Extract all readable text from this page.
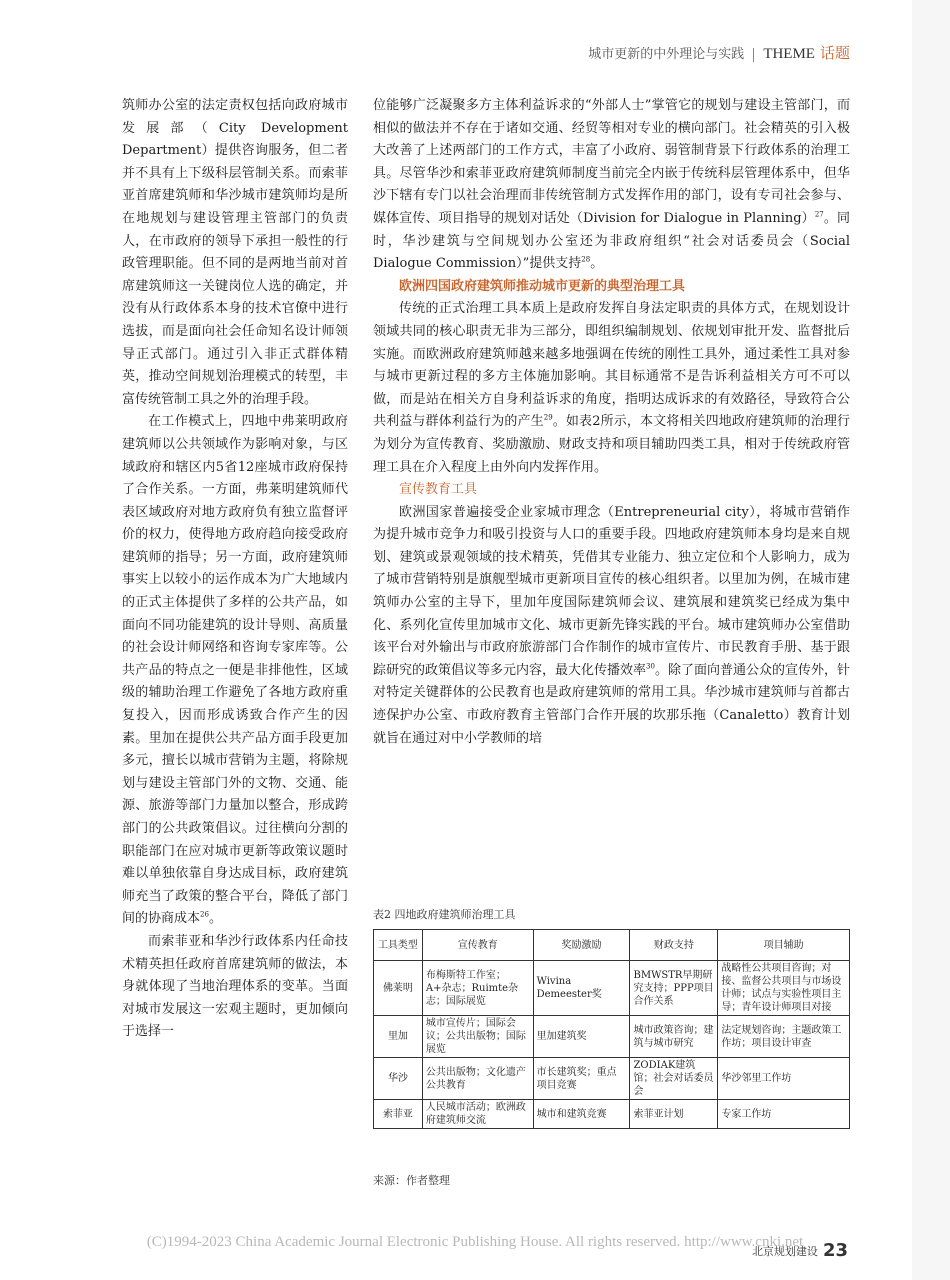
城市更新的中外理论与实践 THEME 话题

筑师办公室的法定责权包括向政府城市发展部（City Development Department）提供咨询服务，但二者并不具有上下级科层管制关系。而索菲亚首席建筑师和华沙城市建筑师均是所在地规划与建设管理主管部门的负责人，在市政府的领导下承担一般性的行政管理职能。但不同的是两地当前对首席建筑师这一关键岗位人选的确定，并没有从行政体系本身的技术官僚中进行选拔，而是面向社会任命知名设计师领导正式部门。通过引入非正式群体精英，推动空间规划治理模式的转型，丰富传统管制工具之外的治理手段。

在工作模式上，四地中弗莱明政府建筑师以公共领域作为影响对象，与区域政府和辖区内5省12座城市政府保持了合作关系。一方面，弗莱明建筑师代表区域政府对地方政府负有独立监督评价的权力，使得地方政府趋向接受政府建筑师的指导；另一方面，政府建筑师事实上以较小的运作成本为广大地域内的正式主体提供了多样的公共产品，如面向不同功能建筑的设计导则、高质量的社会设计师网络和咨询专家库等。公共产品的特点之一便是非排他性，区域级的辅助治理工作避免了各地方政府重复投入，因而形成诱致合作产生的因素。里加在提供公共产品方面手段更加多元，擅长以城市营销为主题，将除规划与建设主管部门外的文物、交通、能源、旅游等部门力量加以整合，形成跨部门的公共政策倡议。过往横向分割的职能部门在应对城市更新等政策议题时难以单独依靠自身达成目标，政府建筑师充当了政策的整合平台，降低了部门间的协商成本$^{26}$。

而索菲亚和华沙行政体系内任命技术精英担任政府首席建筑师的做法，本身就体现了当地治理体系的变革。当面对城市发展这一宏观主题时，更加倾向于选择一

位能够广泛凝聚多方主体利益诉求的“外部人士”掌管它的规划与建设主管部门，而相似的做法并不存在于诸如交通、经贸等相对专业的横向部门。社会精英的引入极大改善了上述两部门的工作方式，丰富了小政府、弱管制背景下行政体系的治理工具。尽管华沙和索菲亚政府建筑师制度当前完全内嵌于传统科层管理体系中，但华沙下辖有专门以社会治理而非传统管制方式发挥作用的部门，设有专司社会参与、媒体宣传、项目指导的规划对话处（Division for Dialogue in Planning）$^{27}$。同时，华沙建筑与空间规划办公室还为非政府组织“社会对话委员会（Social Dialogue Commission）”提供支持$^{28}$。

欧洲四国政府建筑师推动城市更新的典型治理工具

传统的正式治理工具本质上是政府发挥自身法定职责的具体方式，在规划设计领域共同的核心职责无非为三部分，即组织编制规划、依规划审批开发、监督批后实施。而欧洲政府建筑师越来越多地强调在传统的刚性工具外，通过柔性工具对参与城市更新过程的多方主体施加影响。其目标通常不是告诉利益相关方可不可以做，而是站在相关方自身利益诉求的角度，指明达成诉求的有效路径，导致符合公共利益与群体利益行为的产生$^{29}$。如表2所示，本文将相关四地政府建筑师的治理行为划分为宣传教育、奖励激励、财政支持和项目辅助四类工具，相对于传统政府管理工具在介入程度上由外向内发挥作用。

宣传教育工具

欧洲国家普遍接受企业家城市理念（Entrepreneurial city），将城市营销作为提升城市竞争力和吸引投资与人口的重要手段。四地政府建筑师本身均是来自规划、建筑或景观领域的技术精英，凭借其专业能力、独立定位和个人影响力，成为了城市营销特别是旗舰型城市更新项目宣传的核心组织者。以里加为例，在城市建筑师办公室的主导下，里加年度国际建筑师会议、建筑展和建筑奖已经成为集中化、系列化宣传里加城市文化、城市更新先锋实践的平台。城市建筑师办公室借助该平台对外输出与市政府旅游部门合作制作的城市宣传片、市民教育手册、基于跟踪研究的政策倡议等多元内容，最大化传播效率$^{30}$。除了面向普通公众的宣传外，针对特定关键群体的公民教育也是政府建筑师的常用工具。华沙城市建筑师与首都古迹保护办公室、市政府教育主管部门合作开展的坎那乐拖（Canaletto）教育计划就旨在通过对中小学教师的培

表2 四地政府建筑师治理工具
工具类型	宣传教育	奖励激励	财政支持	项目辅助
佛莱明	布梅斯特工作室；A+杂志；Ruimte杂志；国际展览	Wivina Demeester奖	BMWSTR早期研究支持；PPP项目合作关系	战略性公共项目咨询；对接、监督公共项目与市场设计师；试点与实验性项目主导；青年设计师项目对接
里加	城市宣传片；国际会议；公共出版物；国际展览	里加建筑奖	城市政策咨询；建筑与城市研究	法定规划咨询；主题政策工作坊；项目设计审查
华沙	公共出版物；文化遗产公共教育	市长建筑奖；重点项目竞赛	ZODIAK建筑馆；社会对话委员会	华沙邻里工作坊
索菲亚	人民城市活动；欧洲政府建筑师交流	城市和建筑竞赛	索菲亚计划	专家工作坊
来源：作者整理
北京规划建设 23
(C)1994-2023 China Academic Journal Electronic Publishing House. All rights reserved. http://www.cnki.net
